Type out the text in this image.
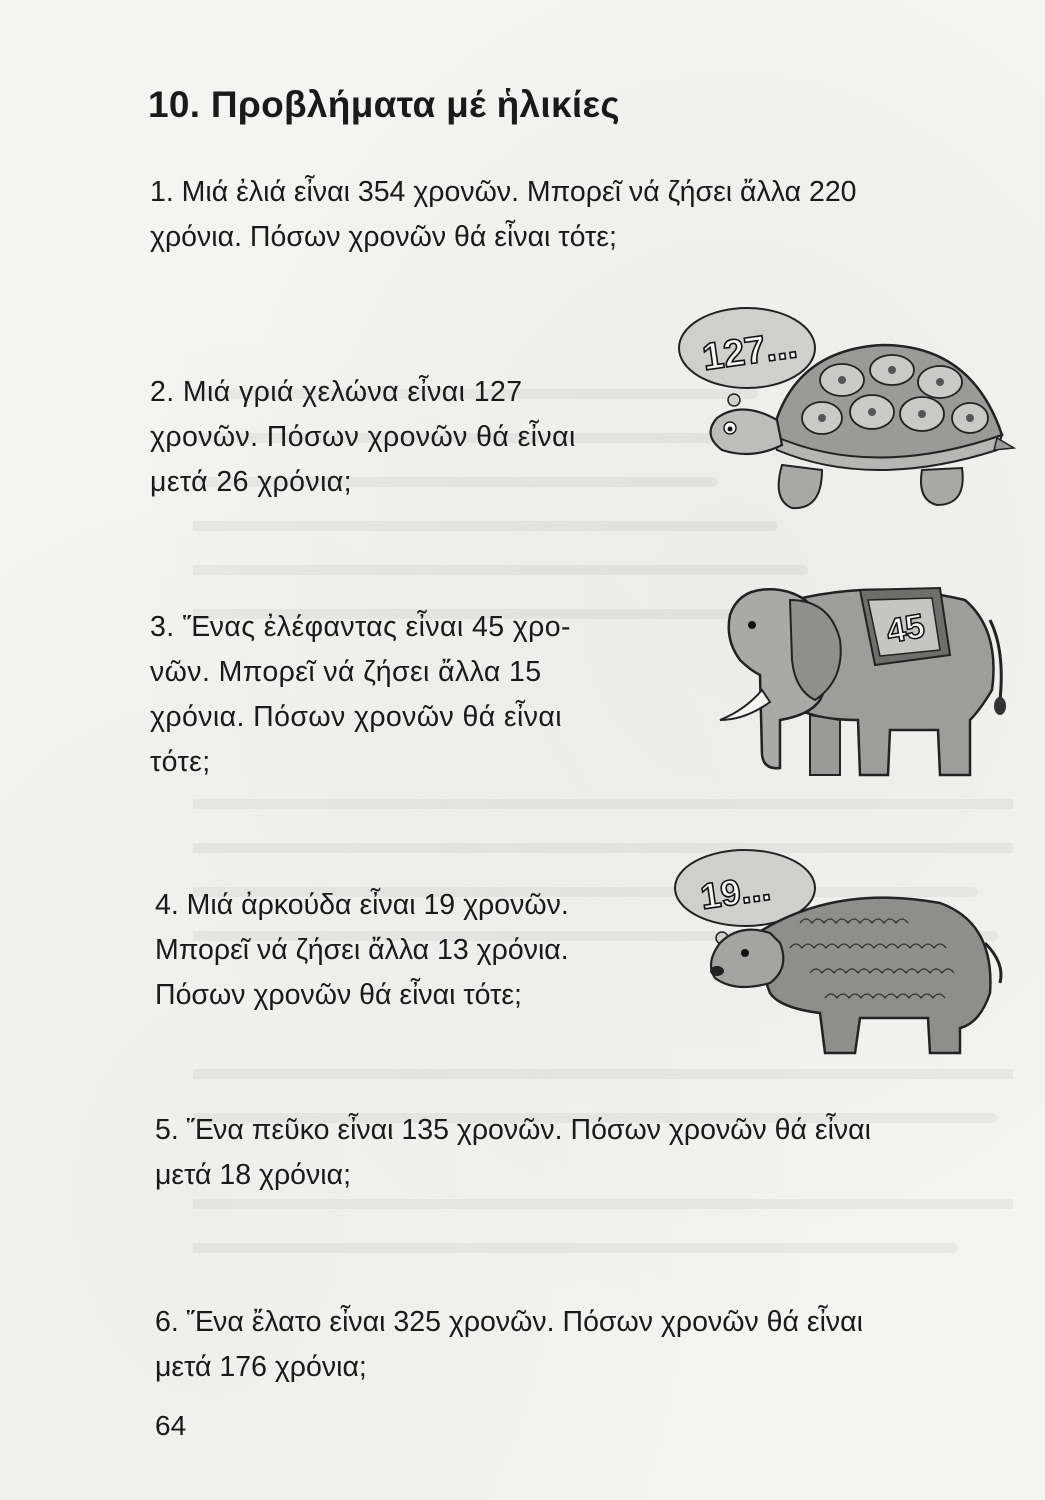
10. Προβλήματα μέ ἡλικίες
1. Μιά ἐλιά εἶναι 354 χρονῶν. Μπορεῖ νά ζήσει ἄλλα 220
χρόνια. Πόσων χρονῶν θά εἶναι τότε;
2. Μιά γριά χελώνα εἶναι 127
χρονῶν. Πόσων χρονῶν θά εἶναι
μετά 26 χρόνια;
3. Ἕνας ἐλέφαντας εἶναι 45 χρο-
νῶν. Μπορεῖ νά ζήσει ἄλλα 15
χρόνια. Πόσων χρονῶν θά εἶναι
τότε;
4. Μιά ἀρκούδα εἶναι 19 χρονῶν.
Μπορεῖ νά ζήσει ἄλλα 13 χρόνια.
Πόσων χρονῶν θά εἶναι τότε;
5. Ἕνα πεῦκο εἶναι 135 χρονῶν. Πόσων χρονῶν θά εἶναι
μετά 18 χρόνια;
6. Ἕνα ἔλατο εἶναι 325 χρονῶν. Πόσων χρονῶν θά εἶναι
μετά 176 χρόνια;
64
127...
45
19...
